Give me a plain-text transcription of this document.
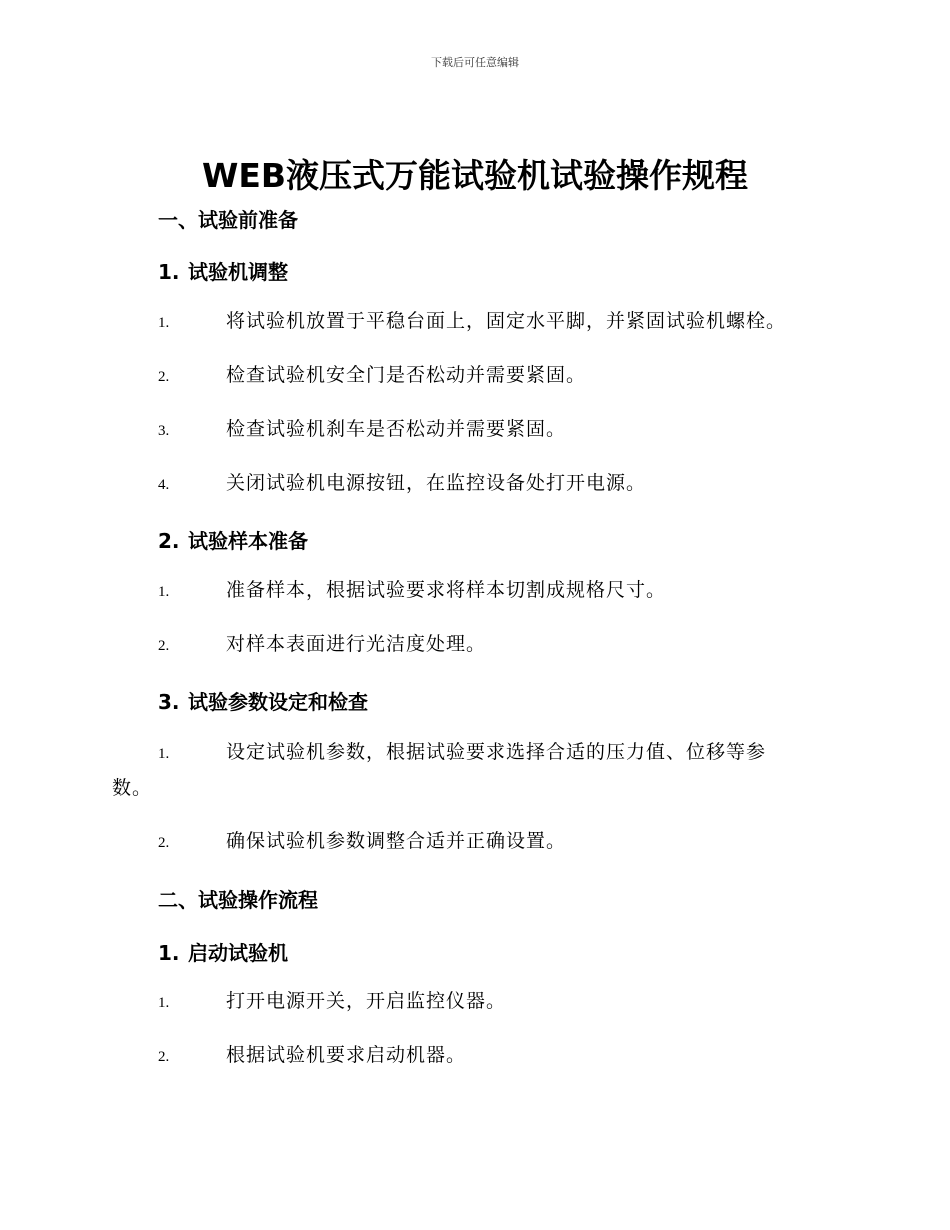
下载后可任意编辑
WEB液压式万能试验机试验操作规程
一、试验前准备
1. 试验机调整
1.	将试验机放置于平稳台面上，固定水平脚，并紧固试验机螺栓。
2.	检查试验机安全门是否松动并需要紧固。
3.	检查试验机刹车是否松动并需要紧固。
4.	关闭试验机电源按钮，在监控设备处打开电源。
2. 试验样本准备
1.	准备样本，根据试验要求将样本切割成规格尺寸。
2.	对样本表面进行光洁度处理。
3. 试验参数设定和检查
1.	设定试验机参数，根据试验要求选择合适的压力值、位移等参
数。
2.	确保试验机参数调整合适并正确设置。
二、试验操作流程
1. 启动试验机
1.	打开电源开关，开启监控仪器。
2.	根据试验机要求启动机器。
